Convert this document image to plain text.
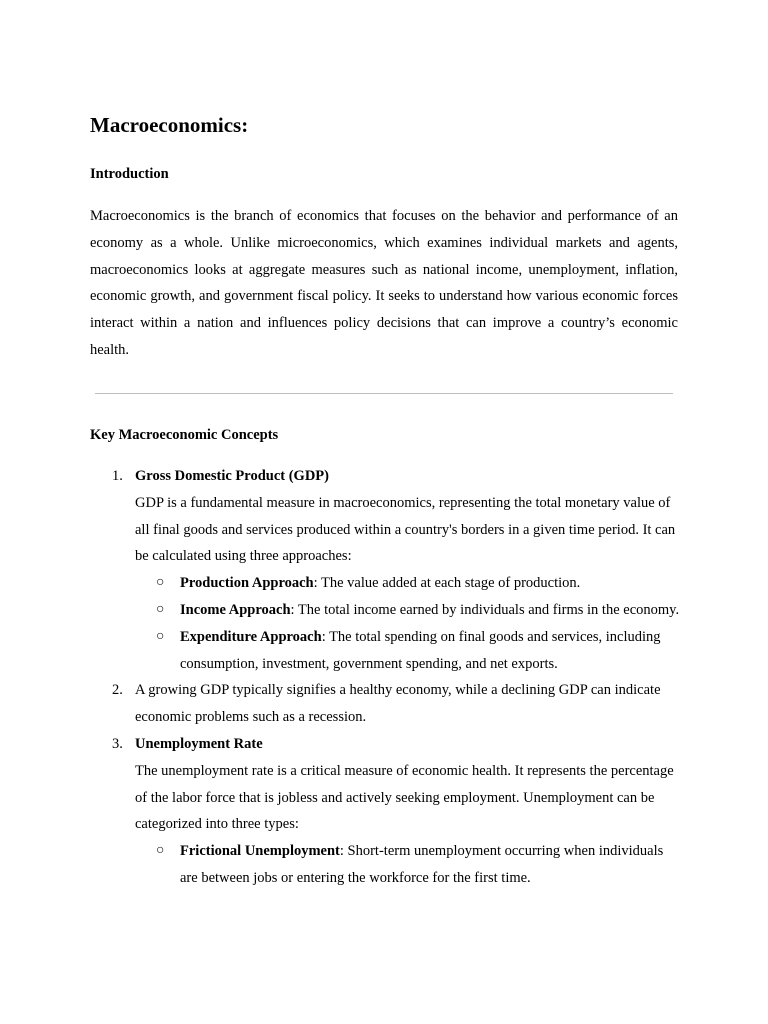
Macroeconomics:
Introduction

Macroeconomics is the branch of economics that focuses on the behavior and performance of an economy as a whole. Unlike microeconomics, which examines individual markets and agents, macroeconomics looks at aggregate measures such as national income, unemployment, inflation, economic growth, and government fiscal policy. It seeks to understand how various economic forces interact within a nation and influences policy decisions that can improve a country’s economic health.

Key Macroeconomic Concepts
1. Gross Domestic Product (GDP)
GDP is a fundamental measure in macroeconomics, representing the total monetary value of all final goods and services produced within a country's borders in a given time period. It can be calculated using three approaches:
○ Production Approach: The value added at each stage of production.
○ Income Approach: The total income earned by individuals and firms in the economy.
○ Expenditure Approach: The total spending on final goods and services, including consumption, investment, government spending, and net exports.
2. A growing GDP typically signifies a healthy economy, while a declining GDP can indicate economic problems such as a recession.
3. Unemployment Rate
The unemployment rate is a critical measure of economic health. It represents the percentage of the labor force that is jobless and actively seeking employment. Unemployment can be categorized into three types:
○ Frictional Unemployment: Short-term unemployment occurring when individuals are between jobs or entering the workforce for the first time.
